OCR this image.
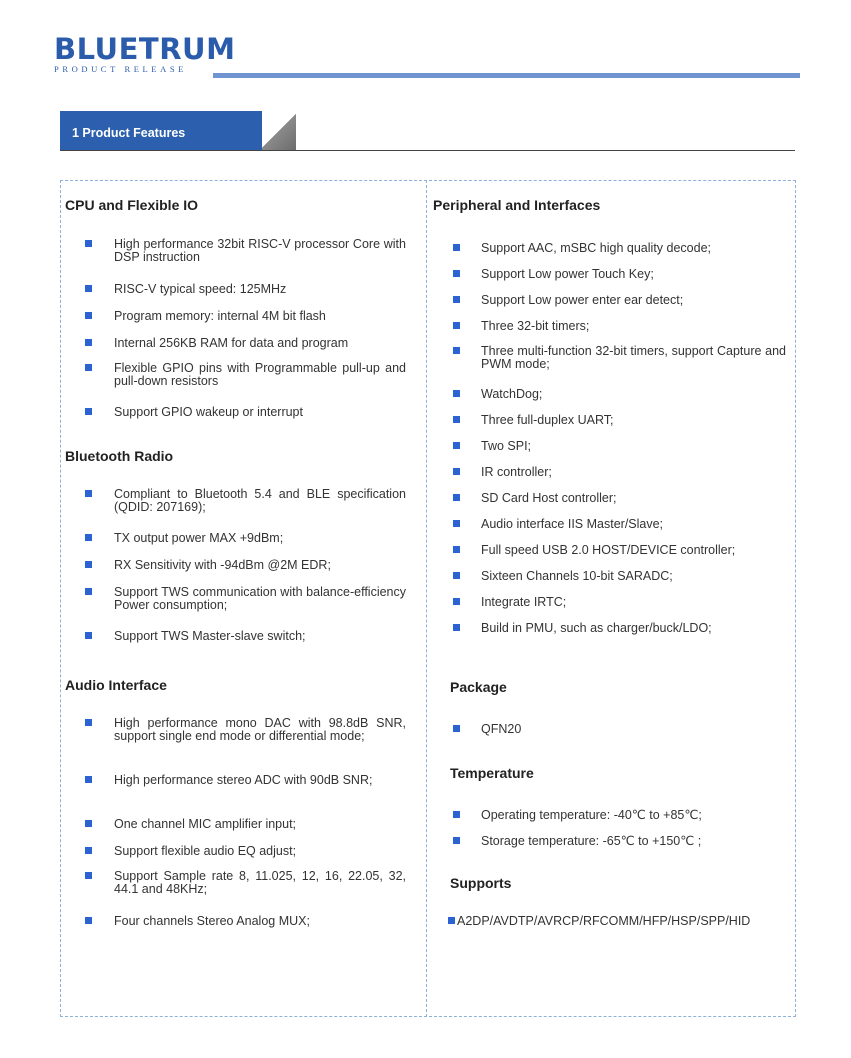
BLUETRUM
PRODUCT RELEASE
1 Product Features
CPU and Flexible IO
High performance 32bit RISC-V processor Core with DSP instruction
RISC-V typical speed: 125MHz
Program memory: internal 4M bit flash
Internal 256KB RAM for data and program
Flexible GPIO pins with Programmable pull-up and pull-down resistors
Support GPIO wakeup or interrupt
Bluetooth Radio
Compliant to Bluetooth 5.4 and BLE specification (QDID: 207169);
TX output power MAX +9dBm;
RX Sensitivity with -94dBm @2M EDR;
Support TWS communication with balance-efficiency Power consumption;
Support TWS Master-slave switch;
Audio Interface
High performance mono DAC with 98.8dB SNR, support single end mode or differential mode;
High performance stereo ADC with 90dB SNR;
One channel MIC amplifier input;
Support flexible audio EQ adjust;
Support Sample rate 8, 11.025, 12, 16, 22.05, 32, 44.1 and 48KHz;
Four channels Stereo Analog MUX;
Peripheral and Interfaces
Support AAC, mSBC high quality decode;
Support Low power Touch Key;
Support Low power enter ear detect;
Three 32-bit timers;
Three multi-function 32-bit timers, support Capture and PWM mode;
WatchDog;
Three full-duplex UART;
Two SPI;
IR controller;
SD Card Host controller;
Audio interface IIS Master/Slave;
Full speed USB 2.0 HOST/DEVICE controller;
Sixteen Channels 10-bit SARADC;
Integrate IRTC;
Build in PMU, such as charger/buck/LDO;
Package
QFN20
Temperature
Operating temperature: -40℃ to +85℃;
Storage temperature: -65℃ to +150℃ ;
Supports
A2DP/AVDTP/AVRCP/RFCOMM/HFP/HSP/SPP/HID
